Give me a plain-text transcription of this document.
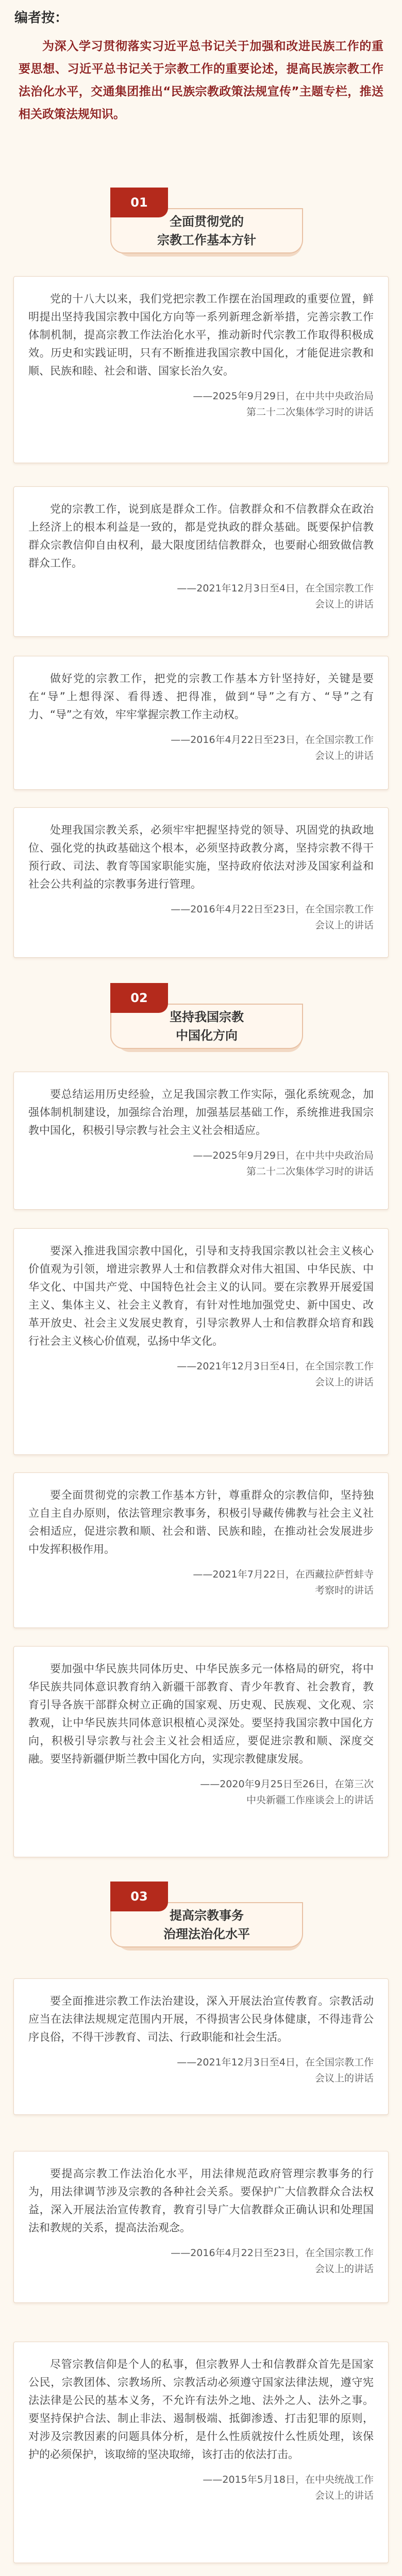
编者按：
为深入学习贯彻落实习近平总书记关于加强和改进民族工作的重要思想、习近平总书记关于宗教工作的重要论述，提高民族宗教工作法治化水平，交通集团推出“民族宗教政策法规宣传”主题专栏，推送相关政策法规知识。
全面贯彻党的
宗教工作基本方针
01
党的十八大以来，我们党把宗教工作摆在治国理政的重要位置，鲜明提出坚持我国宗教中国化方向等一系列新理念新举措，完善宗教工作体制机制，提高宗教工作法治化水平，推动新时代宗教工作取得积极成效。历史和实践证明，只有不断推进我国宗教中国化，才能促进宗教和顺、民族和睦、社会和谐、国家长治久安。
——2025年9月29日，在中共中央政治局
第二十二次集体学习时的讲话
党的宗教工作，说到底是群众工作。信教群众和不信教群众在政治上经济上的根本利益是一致的，都是党执政的群众基础。既要保护信教群众宗教信仰自由权利，最大限度团结信教群众，也要耐心细致做信教群众工作。
——2021年12月3日至4日，在全国宗教工作
会议上的讲话
做好党的宗教工作，把党的宗教工作基本方针坚持好，关键是要在“导”上想得深、看得透、把得准，做到“导”之有方、“导”之有力、“导”之有效，牢牢掌握宗教工作主动权。
——2016年4月22日至23日，在全国宗教工作
会议上的讲话
处理我国宗教关系，必须牢牢把握坚持党的领导、巩固党的执政地位、强化党的执政基础这个根本，必须坚持政教分离，坚持宗教不得干预行政、司法、教育等国家职能实施，坚持政府依法对涉及国家利益和社会公共利益的宗教事务进行管理。
——2016年4月22日至23日，在全国宗教工作
会议上的讲话
坚持我国宗教
中国化方向
02
要总结运用历史经验，立足我国宗教工作实际，强化系统观念，加强体制机制建设，加强综合治理，加强基层基础工作，系统推进我国宗教中国化，积极引导宗教与社会主义社会相适应。
——2025年9月29日，在中共中央政治局
第二十二次集体学习时的讲话
要深入推进我国宗教中国化，引导和支持我国宗教以社会主义核心价值观为引领，增进宗教界人士和信教群众对伟大祖国、中华民族、中华文化、中国共产党、中国特色社会主义的认同。要在宗教界开展爱国主义、集体主义、社会主义教育，有针对性地加强党史、新中国史、改革开放史、社会主义发展史教育，引导宗教界人士和信教群众培育和践行社会主义核心价值观，弘扬中华文化。
——2021年12月3日至4日，在全国宗教工作
会议上的讲话
要全面贯彻党的宗教工作基本方针，尊重群众的宗教信仰，坚持独立自主自办原则，依法管理宗教事务，积极引导藏传佛教与社会主义社会相适应，促进宗教和顺、社会和谐、民族和睦，在推动社会发展进步中发挥积极作用。
——2021年7月22日，在西藏拉萨哲蚌寺
考察时的讲话
要加强中华民族共同体历史、中华民族多元一体格局的研究，将中华民族共同体意识教育纳入新疆干部教育、青少年教育、社会教育，教育引导各族干部群众树立正确的国家观、历史观、民族观、文化观、宗教观，让中华民族共同体意识根植心灵深处。要坚持我国宗教中国化方向，积极引导宗教与社会主义社会相适应，要促进宗教和顺、深度交融。要坚持新疆伊斯兰教中国化方向，实现宗教健康发展。
——2020年9月25日至26日，在第三次
中央新疆工作座谈会上的讲话
提高宗教事务
治理法治化水平
03
要全面推进宗教工作法治建设，深入开展法治宣传教育。宗教活动应当在法律法规规定范围内开展，不得损害公民身体健康，不得违背公序良俗，不得干涉教育、司法、行政职能和社会生活。
——2021年12月3日至4日，在全国宗教工作
会议上的讲话
要提高宗教工作法治化水平，用法律规范政府管理宗教事务的行为，用法律调节涉及宗教的各种社会关系。要保护广大信教群众合法权益，深入开展法治宣传教育，教育引导广大信教群众正确认识和处理国法和教规的关系，提高法治观念。
——2016年4月22日至23日，在全国宗教工作
会议上的讲话
尽管宗教信仰是个人的私事，但宗教界人士和信教群众首先是国家公民，宗教团体、宗教场所、宗教活动必须遵守国家法律法规，遵守宪法法律是公民的基本义务，不允许有法外之地、法外之人、法外之事。要坚持保护合法、制止非法、遏制极端、抵御渗透、打击犯罪的原则，对涉及宗教因素的问题具体分析，是什么性质就按什么性质处理，该保护的必须保护，该取缔的坚决取缔，该打击的依法打击。
——2015年5月18日，在中央统战工作
会议上的讲话
